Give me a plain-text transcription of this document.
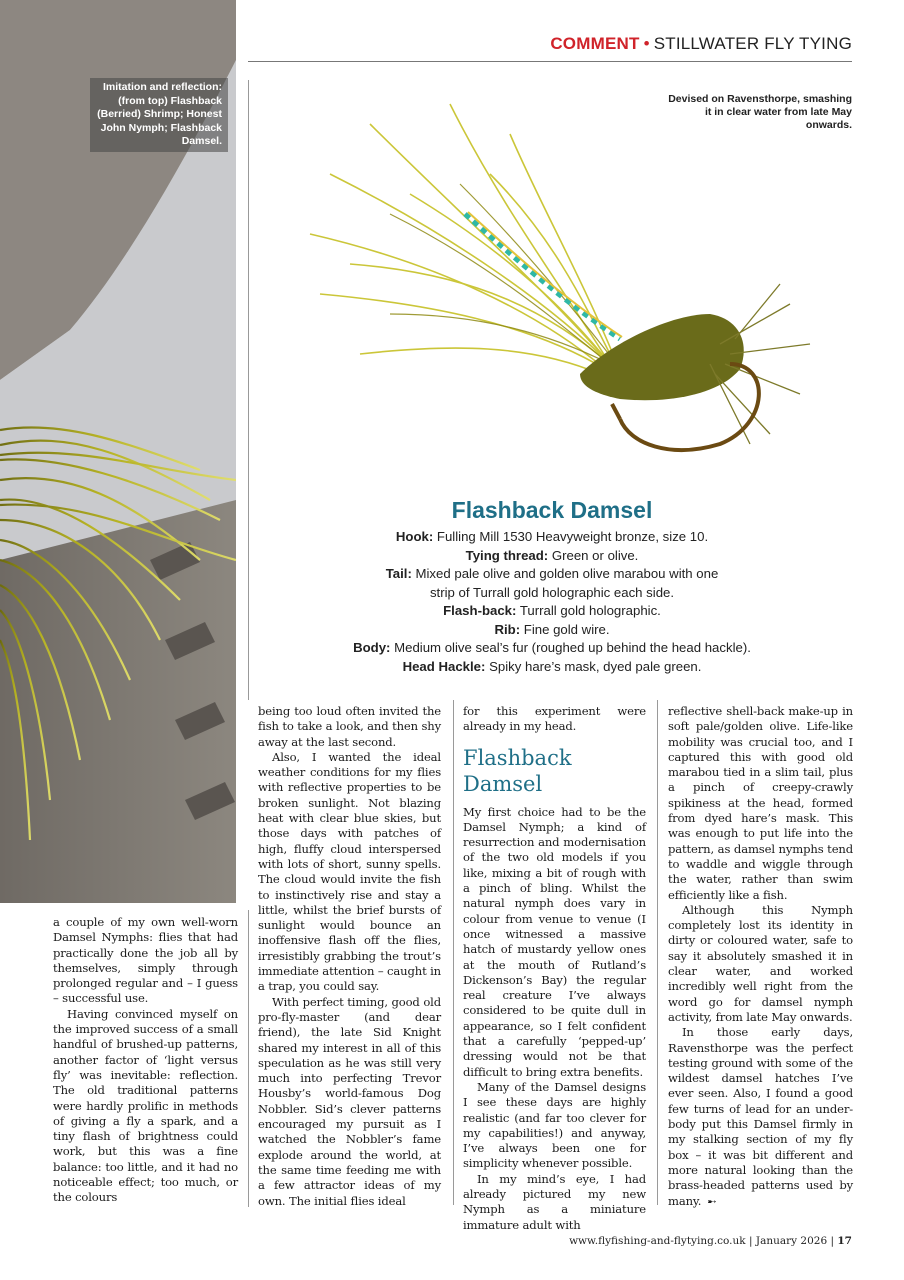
COMMENT • STILLWATER FLY TYING
Imitation and reflection: (from top) Flashback (Berried) Shrimp; Honest John Nymph; Flashback Damsel.
Devised on Ravensthorpe, smashing it in clear water from late May onwards.
Flashback Damsel
Hook: Fulling Mill 1530 Heavyweight bronze, size 10.
Tying thread: Green or olive.
Tail: Mixed pale olive and golden olive marabou with one
strip of Turrall gold holographic each side.
Flash-back: Turrall gold holographic.
Rib: Fine gold wire.
Body: Medium olive seal’s fur (roughed up behind the head hackle).
Head Hackle: Spiky hare’s mask, dyed pale green.

a couple of my own well-worn Damsel Nymphs: flies that had practically done the job all by themselves, simply through prolonged regular and – I guess – successful use.

Having convinced myself on the improved success of a small handful of brushed-up patterns, another factor of ‘light versus fly’ was inevitable: reflection. The old traditional patterns were hardly prolific in methods of giving a fly a spark, and a tiny flash of brightness could work, but this was a fine balance: too little, and it had no noticeable effect; too much, or the colours

being too loud often invited the fish to take a look, and then shy away at the last second.

Also, I wanted the ideal weather conditions for my flies with reflective properties to be broken sunlight. Not blazing heat with clear blue skies, but those days with patches of high, fluffy cloud interspersed with lots of short, sunny spells. The cloud would invite the fish to instinctively rise and stay a little, whilst the brief bursts of sunlight would bounce an inoffensive flash off the flies, irresistibly grabbing the trout’s immediate attention – caught in a trap, you could say.

With perfect timing, good old pro-fly-master (and dear friend), the late Sid Knight shared my interest in all of this speculation as he was still very much into perfecting Trevor Housby’s world-famous Dog Nobbler. Sid’s clever patterns encouraged my pursuit as I watched the Nobbler’s fame explode around the world, at the same time feeding me with a few attractor ideas of my own. The initial flies ideal

for this experiment were already in my head.

Flashback Damsel

My first choice had to be the Damsel Nymph; a kind of resurrection and modernisation of the two old models if you like, mixing a bit of rough with a pinch of bling. Whilst the natural nymph does vary in colour from venue to venue (I once witnessed a massive hatch of mustardy yellow ones at the mouth of Rutland’s Dickenson’s Bay) the regular real creature I’ve always considered to be quite dull in appearance, so I felt confident that a carefully ‘pepped-up’ dressing would not be that difficult to bring extra benefits.

Many of the Damsel designs I see these days are highly realistic (and far too clever for my capabilities!) and anyway, I’ve always been one for simplicity whenever possible.

In my mind’s eye, I had already pictured my new Nymph as a miniature immature adult with

reflective shell-back make-up in soft pale/golden olive. Life-like mobility was crucial too, and I captured this with good old marabou tied in a slim tail, plus a pinch of creepy-crawly spikiness at the head, formed from dyed hare’s mask. This was enough to put life into the pattern, as damsel nymphs tend to waddle and wiggle through the water, rather than swim efficiently like a fish.

Although this Nymph completely lost its identity in dirty or coloured water, safe to say it absolutely smashed it in clear water, and worked incredibly well right from the word go for damsel nymph activity, from late May onwards.

In those early days, Ravensthorpe was the perfect testing ground with some of the wildest damsel hatches I’ve ever seen. Also, I found a good few turns of lead for an under-body put this Damsel firmly in my stalking section of my fly box – it was bit different and more natural looking than the brass-headed patterns used by many. ➸

www.flyfishing-and-flytying.co.uk | January 2026 | 17
